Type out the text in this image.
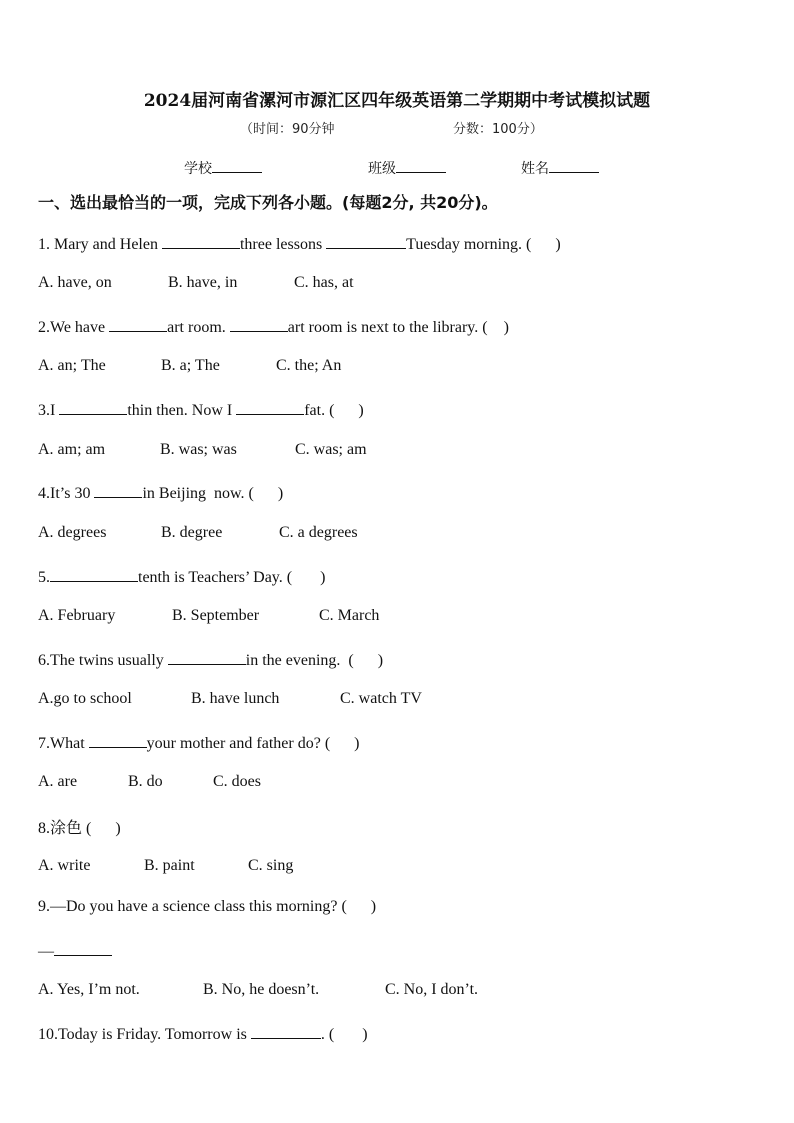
2024届河南省漯河市源汇区四年级英语第二学期期中考试模拟试题
（时间：90分钟	分数：100分）
学校	班级	姓名
一、选出最恰当的一项，完成下列各小题。(每题2分, 共20分)。
1. Mary and Helen	three lessons	Tuesday morning. (      )
A. have, on	B. have, in	C. has, at
2.We have	art room.	art room is next to the library. (    )
A. an; The	B. a; The	C. the; An
3.I	thin then. Now I	fat. (      )
A. am; am	B. was; was	C. was; am
4.It’s 30	in Beijing  now. (      )
A. degrees	B. degree	C. a degrees
5.	tenth is Teachers’ Day. (       )
A. February	B. September	C. March
6.The twins usually	in the evening.  (      )
A.go to school	B. have lunch	C. watch TV
7.What	your mother and father do? (      )
A. are	B. do	C. does
8.涂色 (      )
A. write	B. paint	C. sing
9.—Do you have a science class this morning? (      )
—
A. Yes, I’m not.	B. No, he doesn’t.	C. No, I don’t.
10.Today is Friday. Tomorrow is	. (       )
